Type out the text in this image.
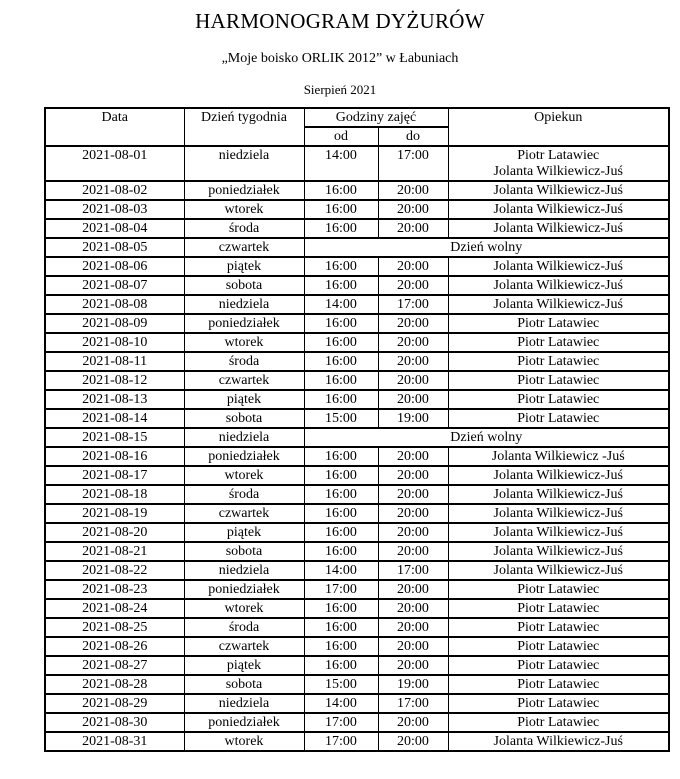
HARMONOGRAM DYŻURÓW
„Moje boisko ORLIK 2012” w Łabuniach
Sierpień 2021
Data	Dzień tygodnia	Godziny zajęć		Opiekun
		od	do	
2021-08-01	niedziela	14:00	17:00	Piotr Latawiec
Jolanta Wilkiewicz-Juś
2021-08-02	poniedziałek	16:00	20:00	Jolanta Wilkiewicz-Juś
2021-08-03	wtorek	16:00	20:00	Jolanta Wilkiewicz-Juś
2021-08-04	środa	16:00	20:00	Jolanta Wilkiewicz-Juś
2021-08-05	czwartek	Dzień wolny		
2021-08-06	piątek	16:00	20:00	Jolanta Wilkiewicz-Juś
2021-08-07	sobota	16:00	20:00	Jolanta Wilkiewicz-Juś
2021-08-08	niedziela	14:00	17:00	Jolanta Wilkiewicz-Juś
2021-08-09	poniedziałek	16:00	20:00	Piotr Latawiec
2021-08-10	wtorek	16:00	20:00	Piotr Latawiec
2021-08-11	środa	16:00	20:00	Piotr Latawiec
2021-08-12	czwartek	16:00	20:00	Piotr Latawiec
2021-08-13	piątek	16:00	20:00	Piotr Latawiec
2021-08-14	sobota	15:00	19:00	Piotr Latawiec
2021-08-15	niedziela	Dzień wolny		
2021-08-16	poniedziałek	16:00	20:00	Jolanta Wilkiewicz -Juś
2021-08-17	wtorek	16:00	20:00	Jolanta Wilkiewicz-Juś
2021-08-18	środa	16:00	20:00	Jolanta Wilkiewicz-Juś
2021-08-19	czwartek	16:00	20:00	Jolanta Wilkiewicz-Juś
2021-08-20	piątek	16:00	20:00	Jolanta Wilkiewicz-Juś
2021-08-21	sobota	16:00	20:00	Jolanta Wilkiewicz-Juś
2021-08-22	niedziela	14:00	17:00	Jolanta Wilkiewicz-Juś
2021-08-23	poniedziałek	17:00	20:00	Piotr Latawiec
2021-08-24	wtorek	16:00	20:00	Piotr Latawiec
2021-08-25	środa	16:00	20:00	Piotr Latawiec
2021-08-26	czwartek	16:00	20:00	Piotr Latawiec
2021-08-27	piątek	16:00	20:00	Piotr Latawiec
2021-08-28	sobota	15:00	19:00	Piotr Latawiec
2021-08-29	niedziela	14:00	17:00	Piotr Latawiec
2021-08-30	poniedziałek	17:00	20:00	Piotr Latawiec
2021-08-31	wtorek	17:00	20:00	Jolanta Wilkiewicz-Juś
